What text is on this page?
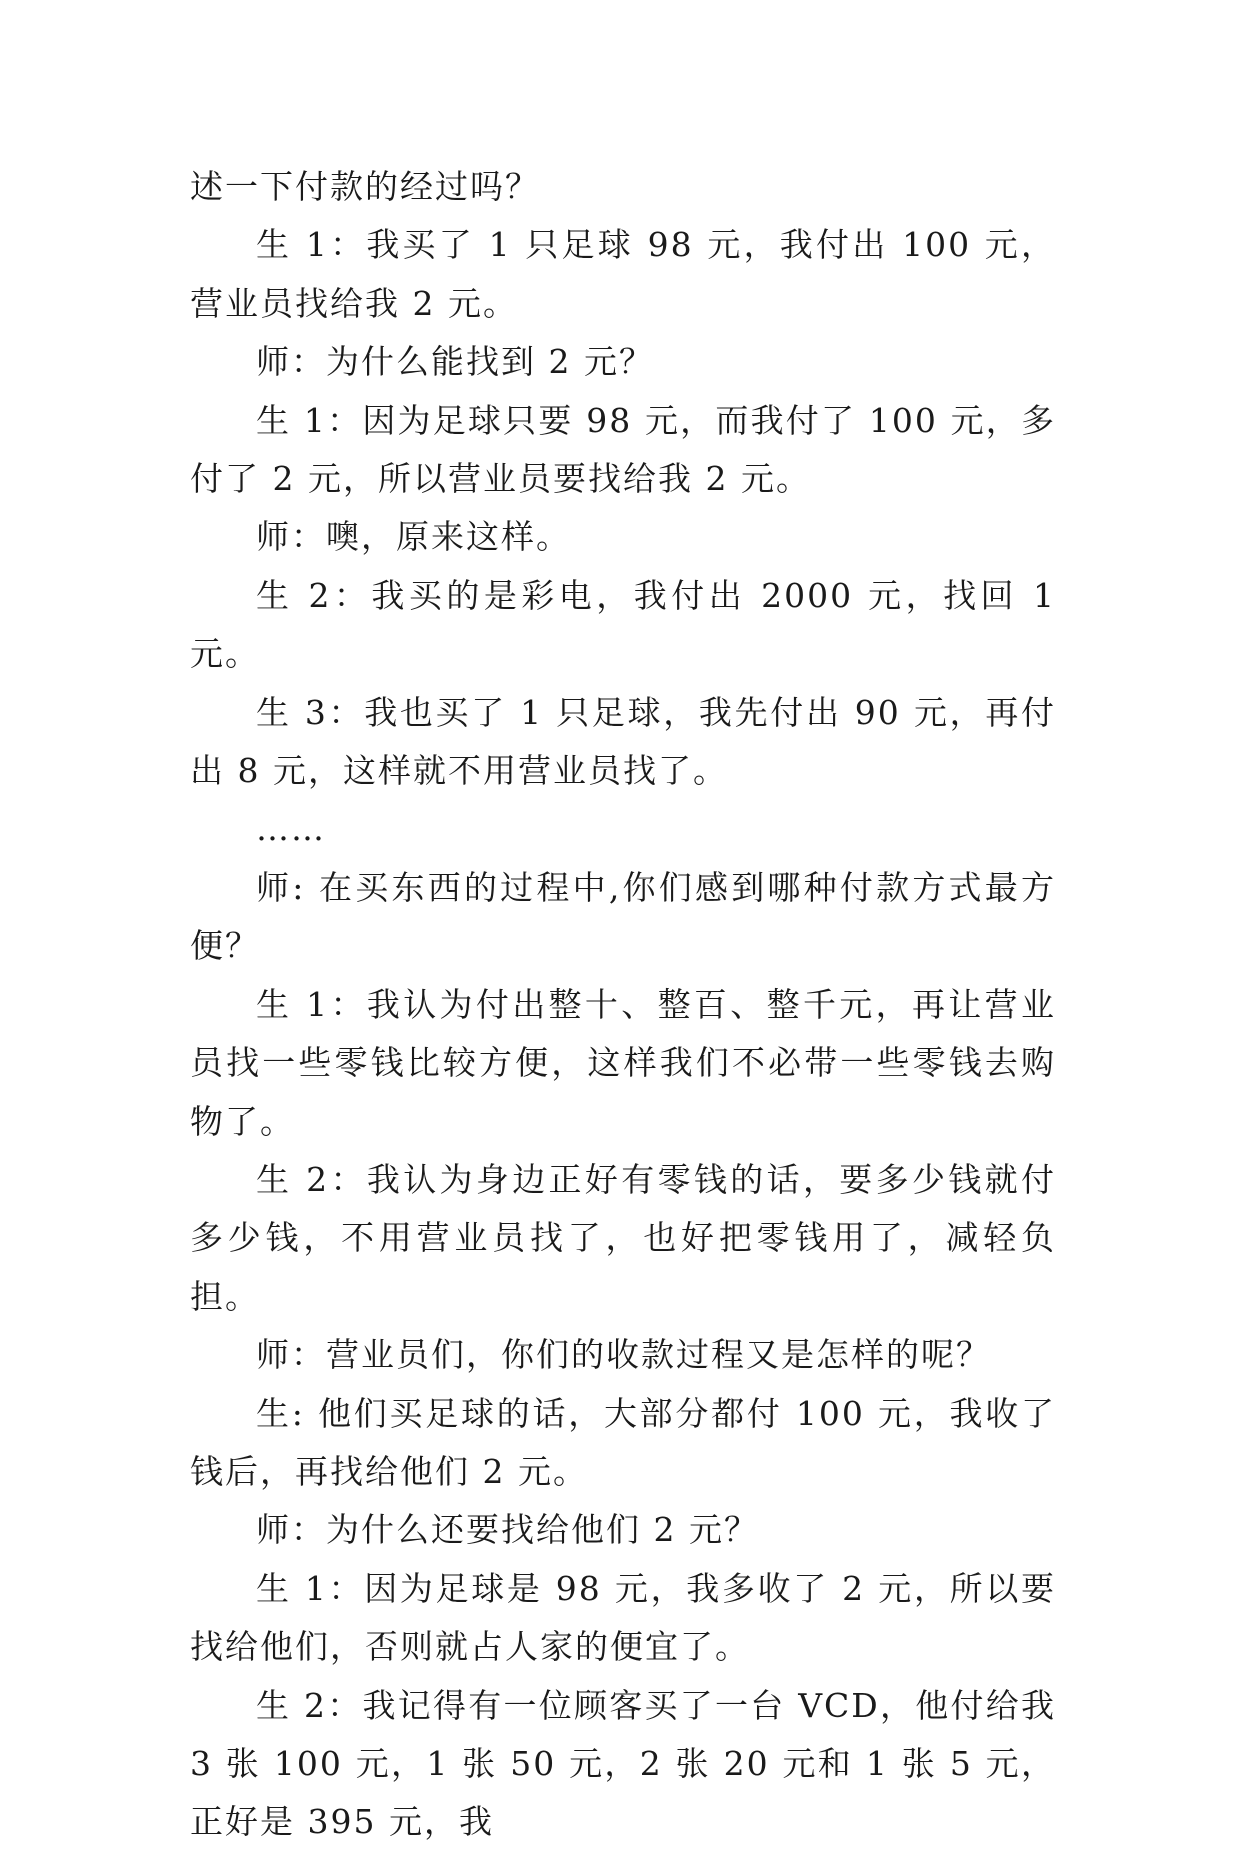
述一下付款的经过吗？

生 1：我买了 1 只足球 98 元，我付出 100 元，营业员找给我 2 元。

师：为什么能找到 2 元？

生 1：因为足球只要 98 元，而我付了 100 元，多付了 2 元，所以营业员要找给我 2 元。

师：噢，原来这样。

生 2：我买的是彩电，我付出 2000 元，找回 1 元。

生 3：我也买了 1 只足球，我先付出 90 元，再付出 8 元，这样就不用营业员找了。

……

师: 在买东西的过程中,你们感到哪种付款方式最方便？

生 1：我认为付出整十、整百、整千元，再让营业员找一些零钱比较方便，这样我们不必带一些零钱去购物了。

生 2：我认为身边正好有零钱的话，要多少钱就付多少钱，不用营业员找了，也好把零钱用了，减轻负担。

师：营业员们，你们的收款过程又是怎样的呢？

生: 他们买足球的话，大部分都付 100 元，我收了钱后，再找给他们 2 元。

师：为什么还要找给他们 2 元？

生 1：因为足球是 98 元，我多收了 2 元，所以要找给他们，否则就占人家的便宜了。

生 2：我记得有一位顾客买了一台 VCD，他付给我 3 张 100 元，1 张 50 元，2 张 20 元和 1 张 5 元，正好是 395 元，我
